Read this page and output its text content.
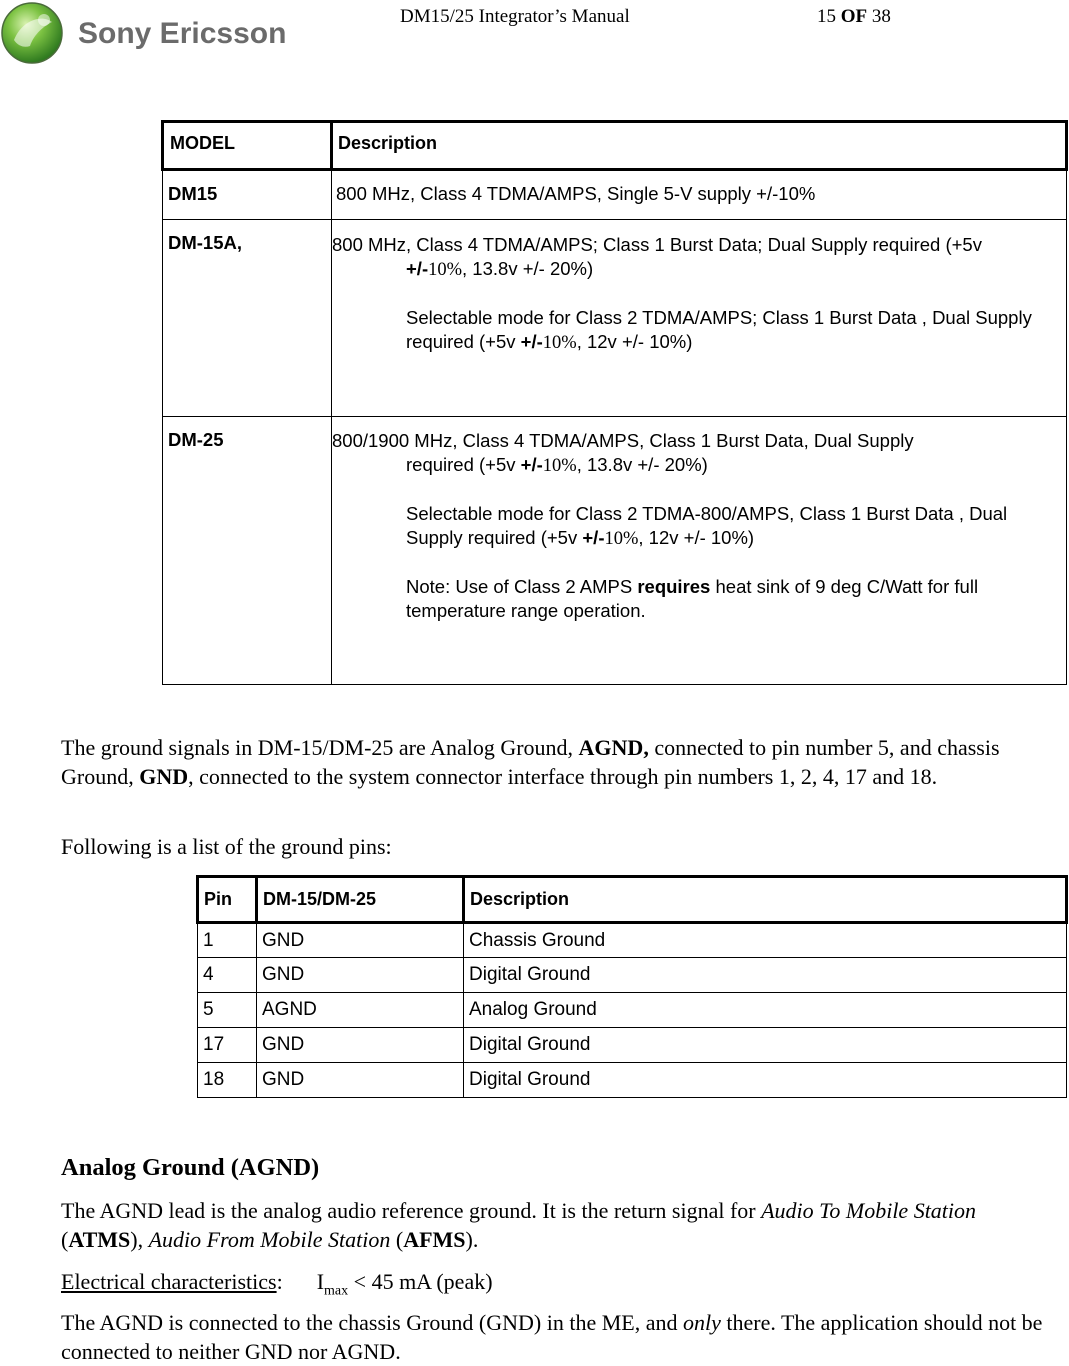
Sony Ericsson
DM15/25 Integrator’s Manual	15 OF 38
MODEL	Description
DM15	800 MHz, Class 4 TDMA/AMPS, Single 5-V supply +/-10%

DM-15A,	800 MHz, Class 4 TDMA/AMPS; Class 1 Burst Data; Dual Supply required (+5v
+/-10%, 13.8v +/- 20%)
Selectable mode for Class 2 TDMA/AMPS; Class 1 Burst Data , Dual Supply required (+5v +/-10%, 12v +/- 10%)

DM-25	800/1900 MHz, Class 4 TDMA/AMPS, Class 1 Burst Data, Dual Supply
required (+5v +/-10%, 13.8v +/- 20%)
Selectable mode for Class 2 TDMA-800/AMPS, Class 1 Burst Data , Dual Supply required (+5v +/-10%, 12v +/- 10%)
Note: Use of Class 2 AMPS requires heat sink of 9 deg C/Watt for full temperature range operation.

The ground signals in DM-15/DM-25 are Analog Ground, AGND, connected to pin number 5, and chassis Ground, GND, connected to the system connector interface through pin numbers 1, 2, 4, 17 and 18.

Following is a list of the ground pins:
Pin	DM-15/DM-25	Description
1	GND	Chassis Ground
4	GND	Digital Ground
5	AGND	Analog Ground
17	GND	Digital Ground
18	GND	Digital Ground
Analog Ground (AGND)

The AGND lead is the analog audio reference ground. It is the return signal for Audio To Mobile Station (ATMS), Audio From Mobile Station (AFMS).

Electrical characteristics: $I_{max} < 45$ mA (peak)

The AGND is connected to the chassis Ground (GND) in the ME, and only there. The application should not be connected to neither GND nor AGND.
